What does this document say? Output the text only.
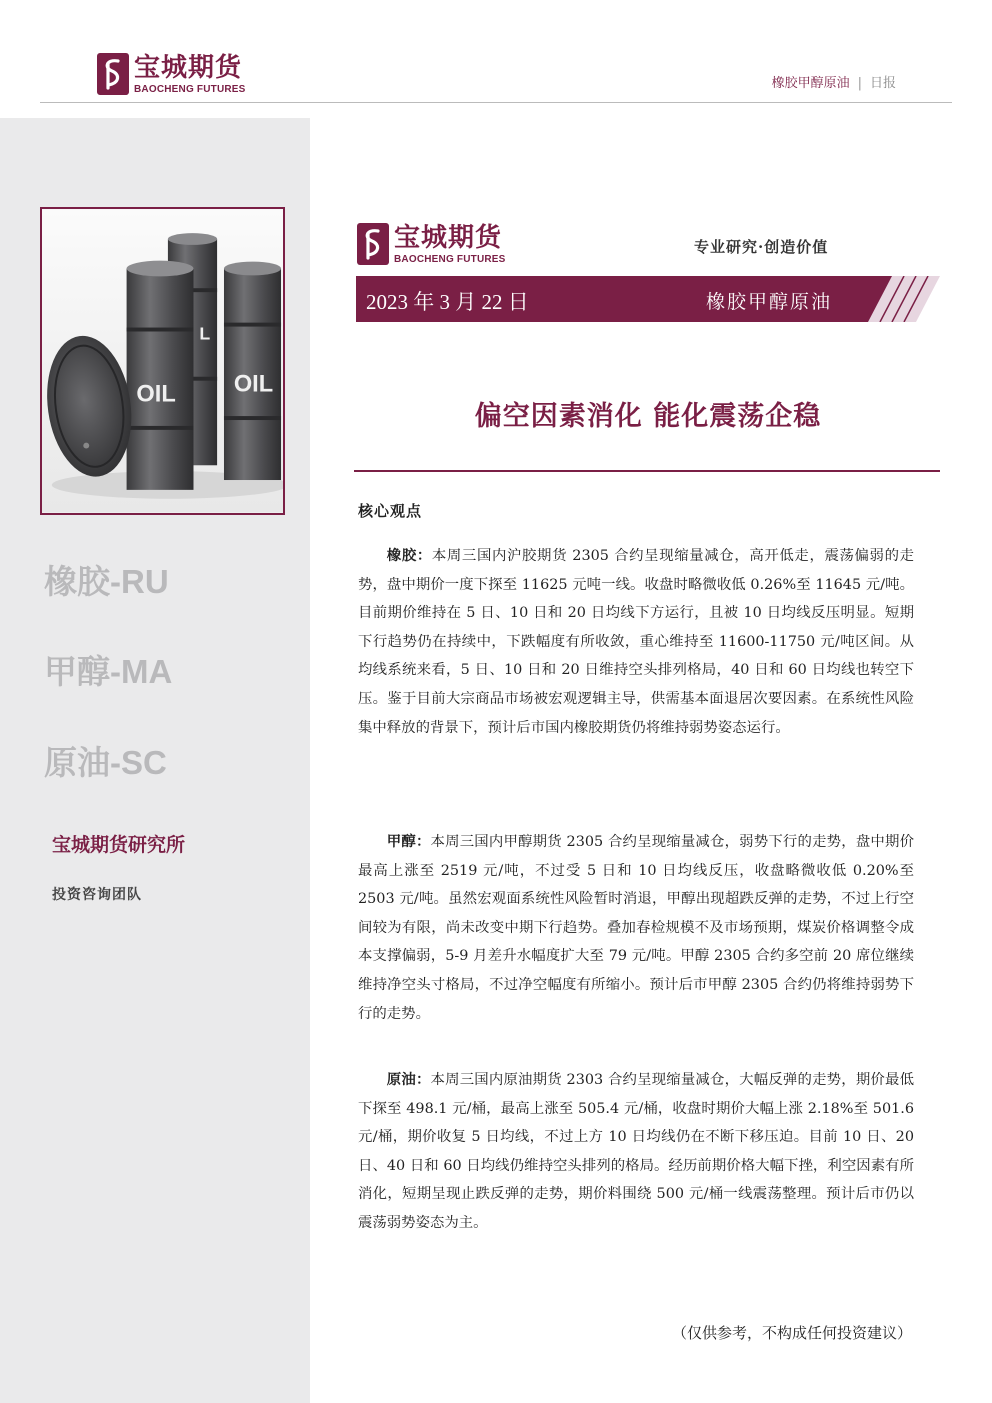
宝城期货
BAOCHENG FUTURES	橡胶甲醇原油 | 日报
OIL OIL
L
橡胶-RU
甲醇-MA
原油-SC
宝城期货研究所
投资咨询团队
宝城期货
BAOCHENG FUTURES
专业研究·创造价值
2023 年 3 月 22 日	橡胶甲醇原油
偏空因素消化 能化震荡企稳
核心观点

橡胶：本周三国内沪胶期货 2305 合约呈现缩量减仓，高开低走，震荡偏弱的走势，盘中期价一度下探至 11625 元吨一线。收盘时略微收低 0.26%至 11645 元/吨。目前期价维持在 5 日、10 日和 20 日均线下方运行，且被 10 日均线反压明显。短期下行趋势仍在持续中，下跌幅度有所收敛，重心维持至 11600-11750 元/吨区间。从均线系统来看，5 日、10 日和 20 日维持空头排列格局，40 日和 60 日均线也转空下压。鉴于目前大宗商品市场被宏观逻辑主导，供需基本面退居次要因素。在系统性风险集中释放的背景下，预计后市国内橡胶期货仍将维持弱势姿态运行。

甲醇：本周三国内甲醇期货 2305 合约呈现缩量减仓，弱势下行的走势，盘中期价最高上涨至 2519 元/吨，不过受 5 日和 10 日均线反压，收盘略微收低 0.20%至 2503 元/吨。虽然宏观面系统性风险暂时消退，甲醇出现超跌反弹的走势，不过上行空间较为有限，尚未改变中期下行趋势。叠加春检规模不及市场预期，煤炭价格调整令成本支撑偏弱，5-9 月差升水幅度扩大至 79 元/吨。甲醇 2305 合约多空前 20 席位继续维持净空头寸格局，不过净空幅度有所缩小。预计后市甲醇 2305 合约仍将维持弱势下行的走势。

原油：本周三国内原油期货 2303 合约呈现缩量减仓，大幅反弹的走势，期价最低下探至 498.1 元/桶，最高上涨至 505.4 元/桶，收盘时期价大幅上涨 2.18%至 501.6 元/桶，期价收复 5 日均线，不过上方 10 日均线仍在不断下移压迫。目前 10 日、20 日、40 日和 60 日均线仍维持空头排列的格局。经历前期价格大幅下挫，利空因素有所消化，短期呈现止跌反弹的走势，期价料围绕 500 元/桶一线震荡整理。预计后市仍以震荡弱势姿态为主。

（仅供参考，不构成任何投资建议）
